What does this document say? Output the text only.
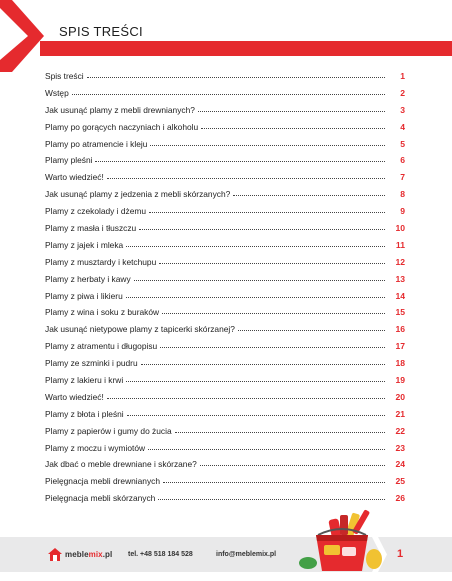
SPIS TREŚCI
Spis treści	1
Wstęp	2
Jak usunąć plamy z mebli drewnianych?	3
Plamy po gorących naczyniach i alkoholu	4
Plamy po atramencie i kleju	5
Plamy pleśni	6
Warto wiedzieć!	7
Jak usunąć plamy z jedzenia z mebli skórzanych?	8
Plamy z czekolady i dżemu	9
Plamy z masła i tłuszczu	10
Plamy z jajek i mleka	11
Plamy z musztardy i ketchupu	12
Plamy z herbaty i kawy	13
Plamy z piwa i likieru	14
Plamy z wina i soku z buraków	15
Jak usunąć nietypowe plamy z tapicerki skórzanej?	16
Plamy z atramentu i długopisu	17
Plamy ze szminki i pudru	18
Plamy z lakieru i krwi	19
Warto wiedzieć!	20
Plamy z błota i pleśni	21
Plamy z papierów i gumy do żucia	22
Plamy z moczu i wymiotów	23
Jak dbać o meble drewniane i skórzane?	24
Pielęgnacja mebli drewnianych	25
Pielęgnacja mebli skórzanych	26
meblemix.pl tel. +48 518 184 528	info@meblemix.pl	1
